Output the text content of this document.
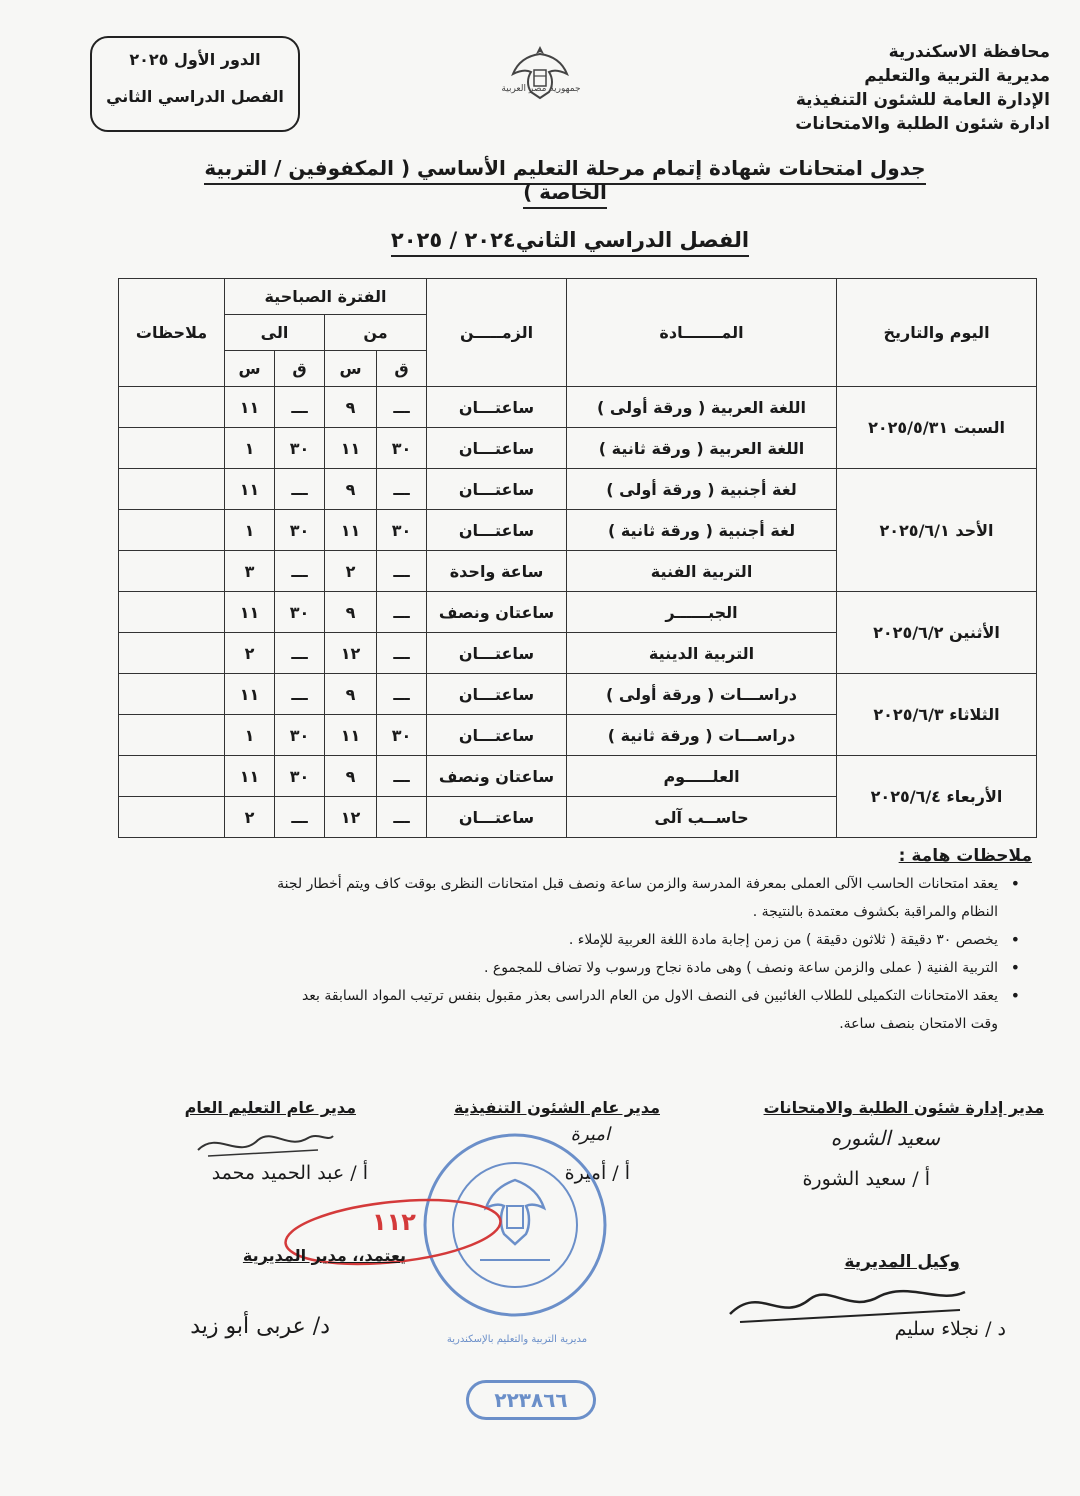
محافظة الاسكندرية
مديرية التربية والتعليم
الإدارة العامة للشئون التنفيذية
ادارة شئون الطلبة والامتحانات
جمهورية مصر العربية
الدور الأول ٢٠٢٥
الفصل الدراسي الثاني
جدول امتحانات شهادة إتمام مرحلة التعليم الأساسي ( المكفوفين / التربية الخاصة )
الفصل الدراسي الثاني٢٠٢٤ / ٢٠٢٥
اليوم والتاريخ	المـــــــادة	الزمـــــن	الفترة الصباحية				ملاحظات
			من		الى		
			ق	س	ق	س	
السبت ٢٠٢٥/٥/٣١	اللغة العربية ( ورقة أولى )	ساعتـــان	ـــ	٩	ـــ	١١	
	اللغة العربية ( ورقة ثانية )	ساعتـــان	٣٠	١١	٣٠	١	
الأحد ٢٠٢٥/٦/١	لغة أجنبية ( ورقة أولى )	ساعتـــان	ـــ	٩	ـــ	١١	
	لغة أجنبية ( ورقة ثانية )	ساعتـــان	٣٠	١١	٣٠	١	
	التربية الفنية	ساعة واحدة	ـــ	٢	ـــ	٣	
الأثنين ٢٠٢٥/٦/٢	الجبــــــر	ساعتان ونصف	ـــ	٩	٣٠	١١	
	التربية الدينية	ساعتـــان	ـــ	١٢	ـــ	٢	
الثلاثاء ٢٠٢٥/٦/٣	دراســـات ( ورقة أولى )	ساعتـــان	ـــ	٩	ـــ	١١	
	دراســـات ( ورقة ثانية )	ساعتـــان	٣٠	١١	٣٠	١	
الأربعاء ٢٠٢٥/٦/٤	العلـــــوم	ساعتان ونصف	ـــ	٩	٣٠	١١	
	حاســب آلى	ساعتـــان	ـــ	١٢	ـــ	٢	
ملاحظات هامة :
• يعقد امتحانات الحاسب الآلى العملى بمعرفة المدرسة والزمن ساعة ونصف قبل امتحانات النظرى بوقت كاف ويتم أخطار لجنة
النظام والمراقبة بكشوف معتمدة بالنتيجة .
• يخصص ٣٠ دقيقة ( ثلاثون دقيقة ) من زمن إجابة مادة اللغة العربية للإملاء .
• التربية الفنية ( عملى والزمن ساعة ونصف ) وهى مادة نجاح ورسوب ولا تضاف للمجموع .
• يعقد الامتحانات التكميلى للطلاب الغائبين فى النصف الاول من العام الدراسى بعذر مقبول بنفس ترتيب المواد السابقة بعد
وقت الامتحان بنصف ساعة.
مدير إدارة شئون الطلبة والامتحانات
مدير عام الشئون التنفيذية
مدير عام التعليم العام
سعيد الشوره
اميرة
أ / سعيد الشورة
أ / أميرة
أ / عبد الحميد محمد
١١٢
وكيل المديرية
يعتمد،، مدير المديرية
د / نجلاء سليم
د/ عربى أبو زيد
٢٢٣٨٦٦
مديرية التربية والتعليم بالإسكندرية
